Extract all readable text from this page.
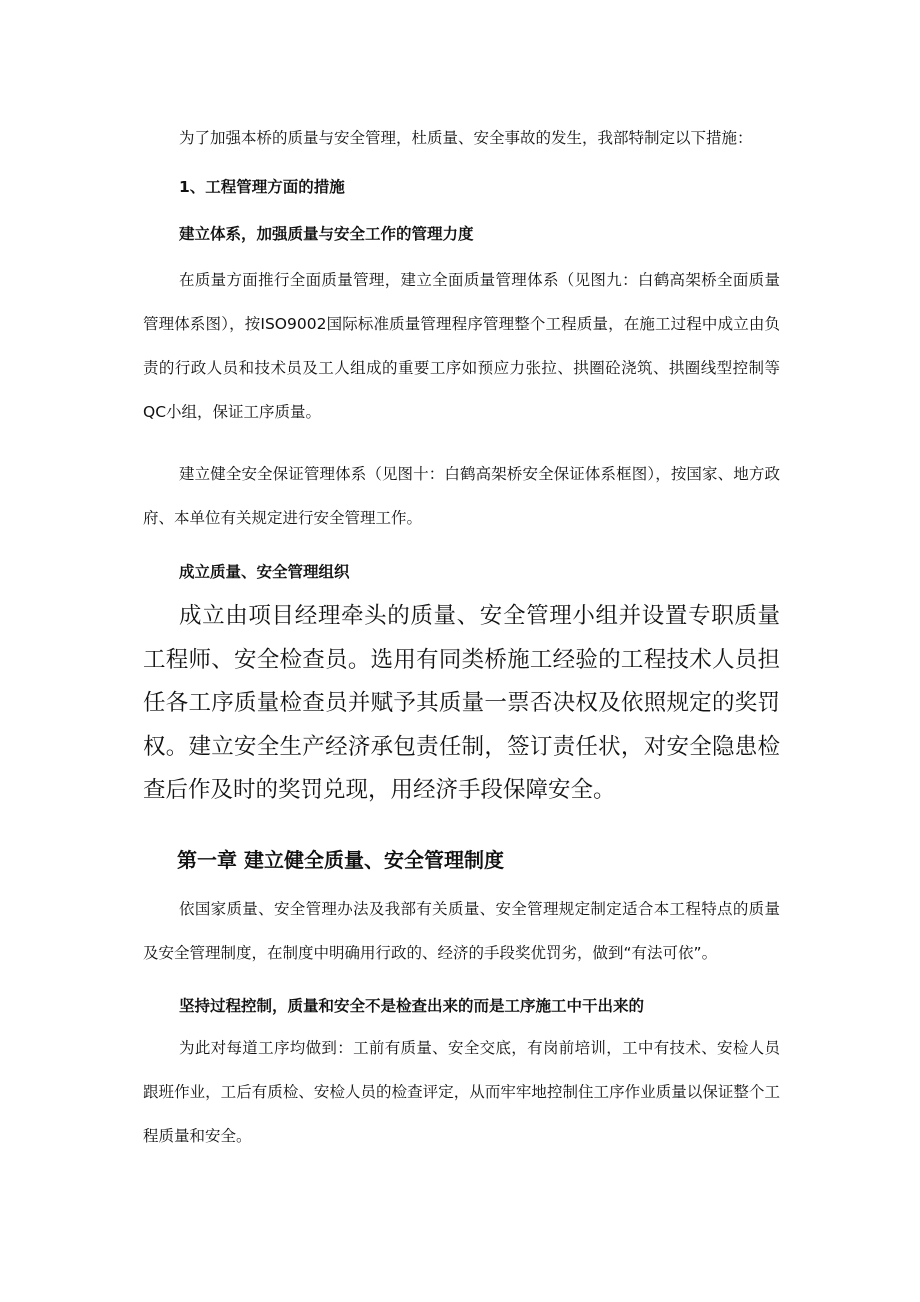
为了加强本桥的质量与安全管理，杜质量、安全事故的发生，我部特制定以下措施：

1、工程管理方面的措施

建立体系，加强质量与安全工作的管理力度

在质量方面推行全面质量管理，建立全面质量管理体系（见图九：白鹤高架桥全面质量管理体系图），按ISO9002国际标准质量管理程序管理整个工程质量，在施工过程中成立由负责的行政人员和技术员及工人组成的重要工序如预应力张拉、拱圈砼浇筑、拱圈线型控制等QC小组，保证工序质量。

建立健全安全保证管理体系（见图十：白鹤高架桥安全保证体系框图），按国家、地方政府、本单位有关规定进行安全管理工作。

成立质量、安全管理组织

成立由项目经理牵头的质量、安全管理小组并设置专职质量工程师、安全检查员。选用有同类桥施工经验的工程技术人员担任各工序质量检查员并赋予其质量一票否决权及依照规定的奖罚权。建立安全生产经济承包责任制，签订责任状，对安全隐患检查后作及时的奖罚兑现，用经济手段保障安全。

第一章 建立健全质量、安全管理制度

依国家质量、安全管理办法及我部有关质量、安全管理规定制定适合本工程特点的质量及安全管理制度，在制度中明确用行政的、经济的手段奖优罚劣，做到“有法可依”。

坚持过程控制，质量和安全不是检查出来的而是工序施工中干出来的

为此对每道工序均做到：工前有质量、安全交底，有岗前培训，工中有技术、安检人员跟班作业，工后有质检、安检人员的检查评定，从而牢牢地控制住工序作业质量以保证整个工程质量和安全。
